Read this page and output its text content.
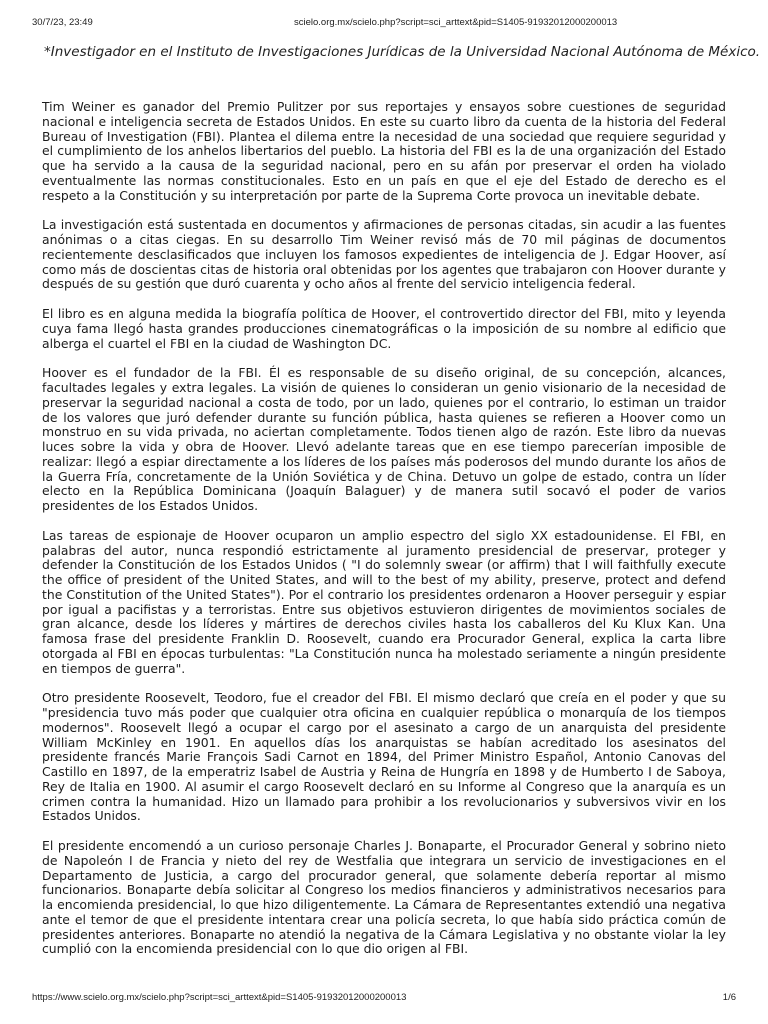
30/7/23, 23:49	scielo.org.mx/scielo.php?script=sci_arttext&pid=S1405-91932012000200013
*Investigador en el Instituto de Investigaciones Jurídicas de la Universidad Nacional Autónoma de México.

Tim Weiner es ganador del Premio Pulitzer por sus reportajes y ensayos sobre cuestiones de seguridad nacional e inteligencia secreta de Estados Unidos. En este su cuarto libro da cuenta de la historia del Federal Bureau of Investigation (FBI). Plantea el dilema entre la necesidad de una sociedad que requiere seguridad y el cumplimiento de los anhelos libertarios del pueblo. La historia del FBI es la de una organización del Estado que ha servido a la causa de la seguridad nacional, pero en su afán por preservar el orden ha violado eventualmente las normas constitucionales. Esto en un país en que el eje del Estado de derecho es el respeto a la Constitución y su interpretación por parte de la Suprema Corte provoca un inevitable debate.

La investigación está sustentada en documentos y afirmaciones de personas citadas, sin acudir a las fuentes anónimas o a citas ciegas. En su desarrollo Tim Weiner revisó más de 70 mil páginas de documentos recientemente desclasificados que incluyen los famosos expedientes de inteligencia de J. Edgar Hoover, así como más de doscientas citas de historia oral obtenidas por los agentes que trabajaron con Hoover durante y después de su gestión que duró cuarenta y ocho años al frente del servicio inteligencia federal.

El libro es en alguna medida la biografía política de Hoover, el controvertido director del FBI, mito y leyenda cuya fama llegó hasta grandes producciones cinematográficas o la imposición de su nombre al edificio que alberga el cuartel el FBI en la ciudad de Washington DC.

Hoover es el fundador de la FBI. Él es responsable de su diseño original, de su concepción, alcances, facultades legales y extra legales. La visión de quienes lo consideran un genio visionario de la necesidad de preservar la seguridad nacional a costa de todo, por un lado, quienes por el contrario, lo estiman un traidor de los valores que juró defender durante su función pública, hasta quienes se refieren a Hoover como un monstruo en su vida privada, no aciertan completamente. Todos tienen algo de razón. Este libro da nuevas luces sobre la vida y obra de Hoover. Llevó adelante tareas que en ese tiempo parecerían imposible de realizar: llegó a espiar directamente a los líderes de los países más poderosos del mundo durante los años de la Guerra Fría, concretamente de la Unión Soviética y de China. Detuvo un golpe de estado, contra un líder electo en la República Dominicana (Joaquín Balaguer) y de manera sutil socavó el poder de varios presidentes de los Estados Unidos.

Las tareas de espionaje de Hoover ocuparon un amplio espectro del siglo XX estadounidense. El FBI, en palabras del autor, nunca respondió estrictamente al juramento presidencial de preservar, proteger y defender la Constitución de los Estados Unidos ( "I do solemnly swear (or affirm) that I will faithfully execute the office of president of the United States, and will to the best of my ability, preserve, protect and defend the Constitution of the United States"). Por el contrario los presidentes ordenaron a Hoover perseguir y espiar por igual a pacifistas y a terroristas. Entre sus objetivos estuvieron dirigentes de movimientos sociales de gran alcance, desde los líderes y mártires de derechos civiles hasta los caballeros del Ku Klux Kan. Una famosa frase del presidente Franklin D. Roosevelt, cuando era Procurador General, explica la carta libre otorgada al FBI en épocas turbulentas: "La Constitución nunca ha molestado seriamente a ningún presidente en tiempos de guerra".

Otro presidente Roosevelt, Teodoro, fue el creador del FBI. El mismo declaró que creía en el poder y que su "presidencia tuvo más poder que cualquier otra oficina en cualquier república o monarquía de los tiempos modernos". Roosevelt llegó a ocupar el cargo por el asesinato a cargo de un anarquista del presidente William McKinley en 1901. En aquellos días los anarquistas se habían acreditado los asesinatos del presidente francés Marie François Sadi Carnot en 1894, del Primer Ministro Español, Antonio Canovas del Castillo en 1897, de la emperatriz Isabel de Austria y Reina de Hungría en 1898 y de Humberto I de Saboya, Rey de Italia en 1900. Al asumir el cargo Roosevelt declaró en su Informe al Congreso que la anarquía es un crimen contra la humanidad. Hizo un llamado para prohibir a los revolucionarios y subversivos vivir en los Estados Unidos.

El presidente encomendó a un curioso personaje Charles J. Bonaparte, el Procurador General y sobrino nieto de Napoleón I de Francia y nieto del rey de Westfalia que integrara un servicio de investigaciones en el Departamento de Justicia, a cargo del procurador general, que solamente debería reportar al mismo funcionarios. Bonaparte debía solicitar al Congreso los medios financieros y administrativos necesarios para la encomienda presidencial, lo que hizo diligentemente. La Cámara de Representantes extendió una negativa ante el temor de que el presidente intentara crear una policía secreta, lo que había sido práctica común de presidentes anteriores. Bonaparte no atendió la negativa de la Cámara Legislativa y no obstante violar la ley cumplió con la encomienda presidencial con lo que dio origen al FBI.

https://www.scielo.org.mx/scielo.php?script=sci_arttext&pid=S1405-91932012000200013	1/6
